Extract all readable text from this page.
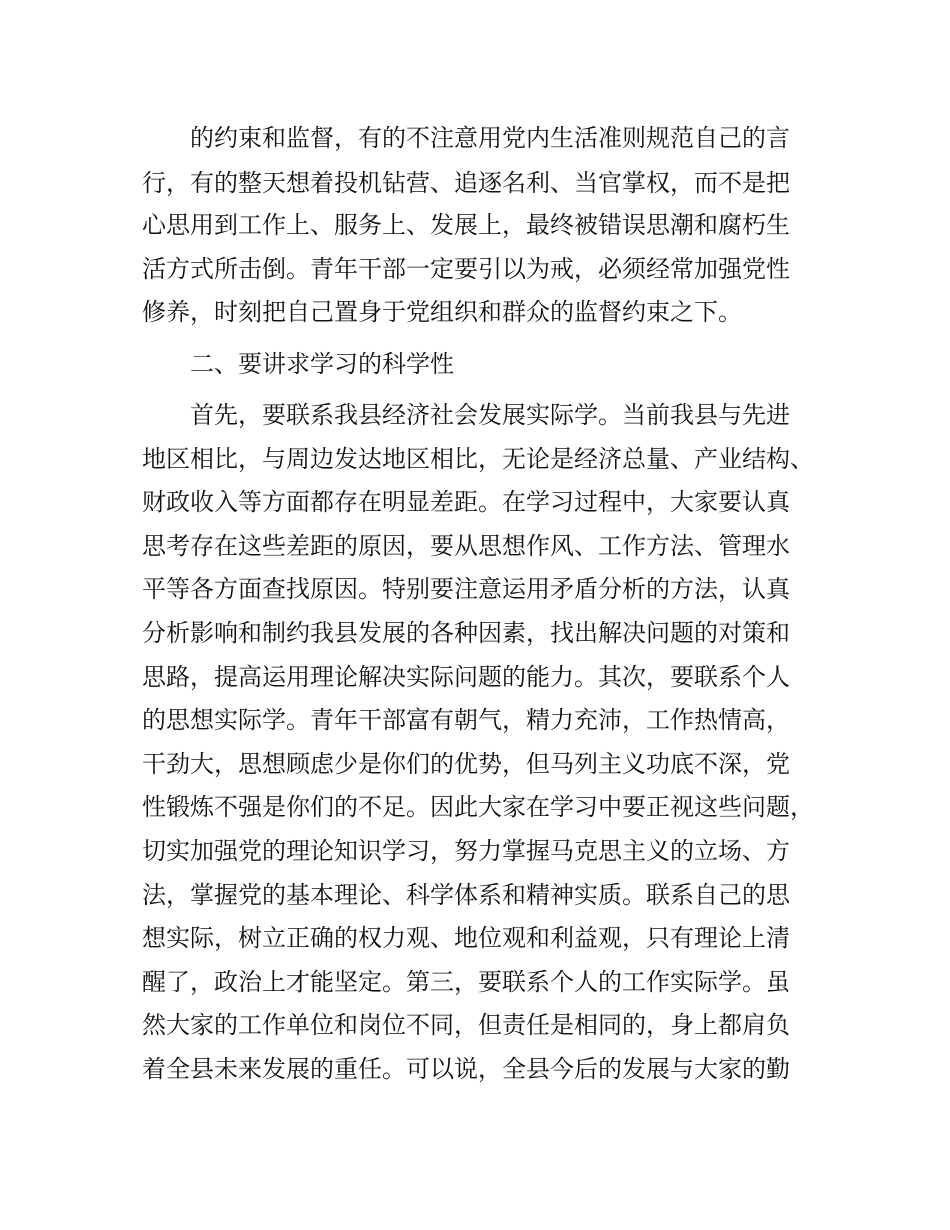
的约束和监督，有的不注意用党内生活准则规范自己的言
行，有的整天想着投机钻营、追逐名利、当官掌权，而不是把
心思用到工作上、服务上、发展上，最终被错误思潮和腐朽生
活方式所击倒。青年干部一定要引以为戒，必须经常加强党性
修养，时刻把自己置身于党组织和群众的监督约束之下。
二、要讲求学习的科学性
首先，要联系我县经济社会发展实际学。当前我县与先进
地区相比，与周边发达地区相比，无论是经济总量、产业结构、
财政收入等方面都存在明显差距。在学习过程中，大家要认真
思考存在这些差距的原因，要从思想作风、工作方法、管理水
平等各方面查找原因。特别要注意运用矛盾分析的方法，认真
分析影响和制约我县发展的各种因素，找出解决问题的对策和
思路，提高运用理论解决实际问题的能力。其次，要联系个人
的思想实际学。青年干部富有朝气，精力充沛，工作热情高，
干劲大，思想顾虑少是你们的优势，但马列主义功底不深，党
性锻炼不强是你们的不足。因此大家在学习中要正视这些问题，
切实加强党的理论知识学习，努力掌握马克思主义的立场、方
法，掌握党的基本理论、科学体系和精神实质。联系自己的思
想实际，树立正确的权力观、地位观和利益观，只有理论上清
醒了，政治上才能坚定。第三，要联系个人的工作实际学。虽
然大家的工作单位和岗位不同，但责任是相同的，身上都肩负
着全县未来发展的重任。可以说，全县今后的发展与大家的勤
